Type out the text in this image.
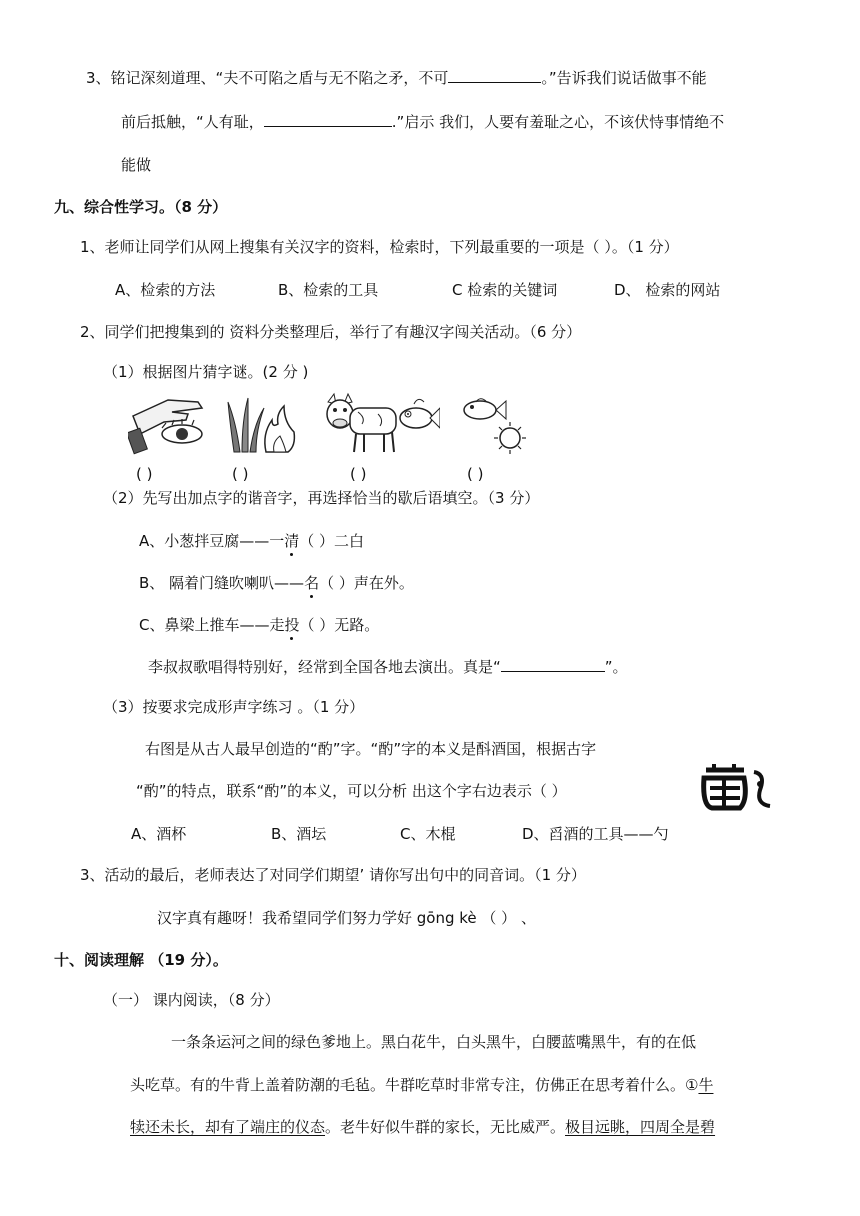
3、铭记深刻道理、“夫不可陷之盾与无不陷之矛，不可	。”告诉我们说话做事不能
前后抵触，“人有耻，	.”启示 我们，人要有羞耻之心，不该伏恃事情绝不
能做
九、综合性学习。（8 分）
1、老师让同学们从网上搜集有关汉字的资料，检索时，下列最重要的一项是（ ）。（1 分）
A、检索的方法	B、检索的工具	C 检索的关键词	D、 检索的网站
2、同学们把搜集到的 资料分类整理后，举行了有趣汉字闯关活动。（6 分）
（1）根据图片猜字谜。(2 分 )
( )	( )	( )	( )
（2）先写出加点字的谐音字，再选择恰当的歇后语填空。（3 分）
A、小葱拌豆腐——一清（ ）二白
B、 隔着门缝吹喇叭——名（ ）声在外。
C、鼻梁上推车——走投（ ）无路。
李叔叔歌唱得特别好，经常到全国各地去演出。真是“	”。
（3）按要求完成形声字练习 。（1 分）
右图是从古人最早创造的“酌”字。“酌”字的本义是酙酒国，根据古字
“酌”的特点，联系“酌”的本义，可以分析 出这个字右边表示（ ）
A、酒杯	B、酒坛	C、木棍	D、舀酒的工具——勺
3、活动的最后，老师表达了对同学们期望’ 请你写出句中的同音词。（1 分）
汉字真有趣呀！我希望同学们努力学好 gōng kè （ ） 、
十、阅读理解 （19 分）。
（一） 课内阅读，（8 分）
一条条运河之间的绿色爹地上。黑白花牛，白头黑牛，白腰蓝嘴黑牛，有的在低
头吃草。有的牛背上盖着防潮的毛毡。牛群吃草时非常专注，仿佛正在思考着什么。①牛
犊还未长，却有了端庄的仪态。老牛好似牛群的家长，无比威严。极目远眺，四周全是碧
